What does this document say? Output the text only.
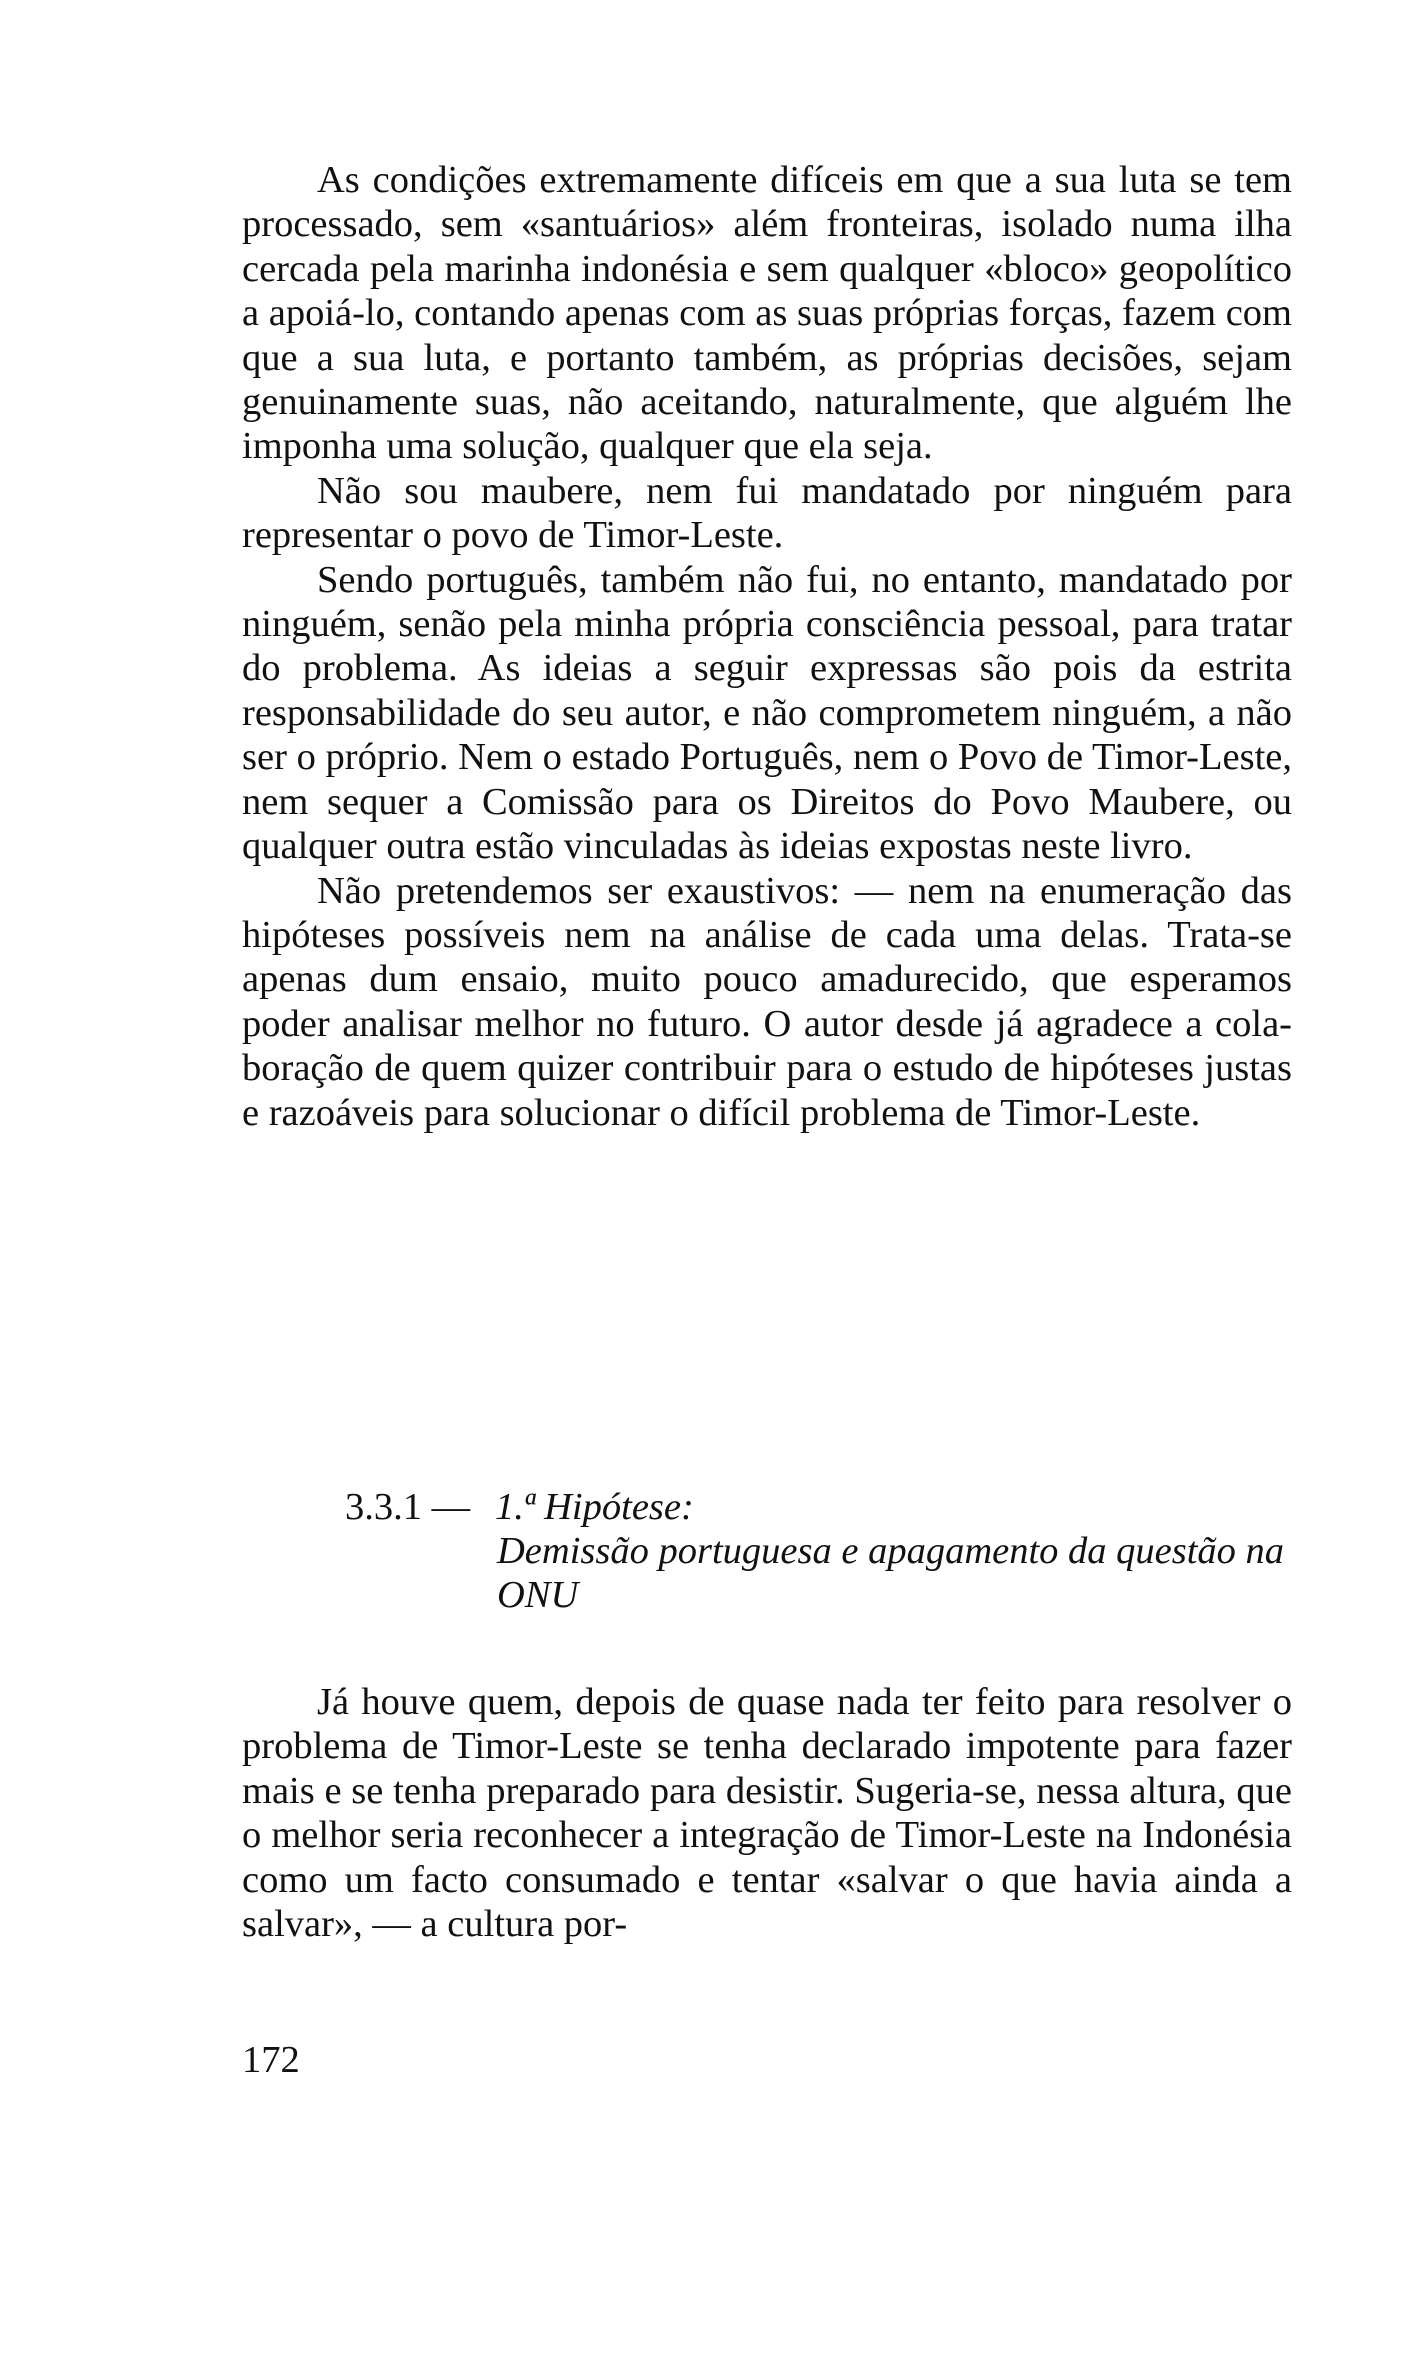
As condições extremamente difíceis em que a sua luta se tem processado, sem «santuários» além fronteiras, isolado numa ilha cercada pela marinha indonésia e sem qualquer «bloco» geopolítico a apoiá-lo, contando apenas com as suas próprias forças, fazem com que a sua luta, e portanto também, as próprias decisões, sejam genuinamente suas, não aceitando, naturalmente, que alguém lhe imponha uma solução, qualquer que ela seja.

Não sou maubere, nem fui mandatado por ninguém para representar o povo de Timor-Leste.

Sendo português, também não fui, no entanto, mandatado por ninguém, senão pela minha própria consciência pessoal, para tratar do problema. As ideias a seguir expressas são pois da estrita responsabilidade do seu autor, e não comprometem ninguém, a não ser o próprio. Nem o estado Português, nem o Povo de Timor-Leste, nem sequer a Comissão para os Direitos do Povo Maubere, ou qualquer outra estão vinculadas às ideias expostas neste livro.

Não pretendemos ser exaustivos: — nem na enumeração das hipóteses possíveis nem na análise de cada uma delas. Trata-se apenas dum ensaio, muito pouco amadurecido, que esperamos poder analisar melhor no futuro. O autor desde já agradece a colaboração de quem quizer contribuir para o estudo de hipóteses justas e razoáveis para solucionar o difícil problema de Timor-Leste.

3.3.1 — 1.ª Hipótese:
Demissão portuguesa e apagamento da questão na ONU

Já houve quem, depois de quase nada ter feito para resolver o problema de Timor-Leste se tenha declarado impotente para fazer mais e se tenha preparado para desistir. Sugeria-se, nessa altura, que o melhor seria reconhecer a integração de Timor-Leste na Indonésia como um facto consumado e tentar «salvar o que havia ainda a salvar», — a cultura por-

172
